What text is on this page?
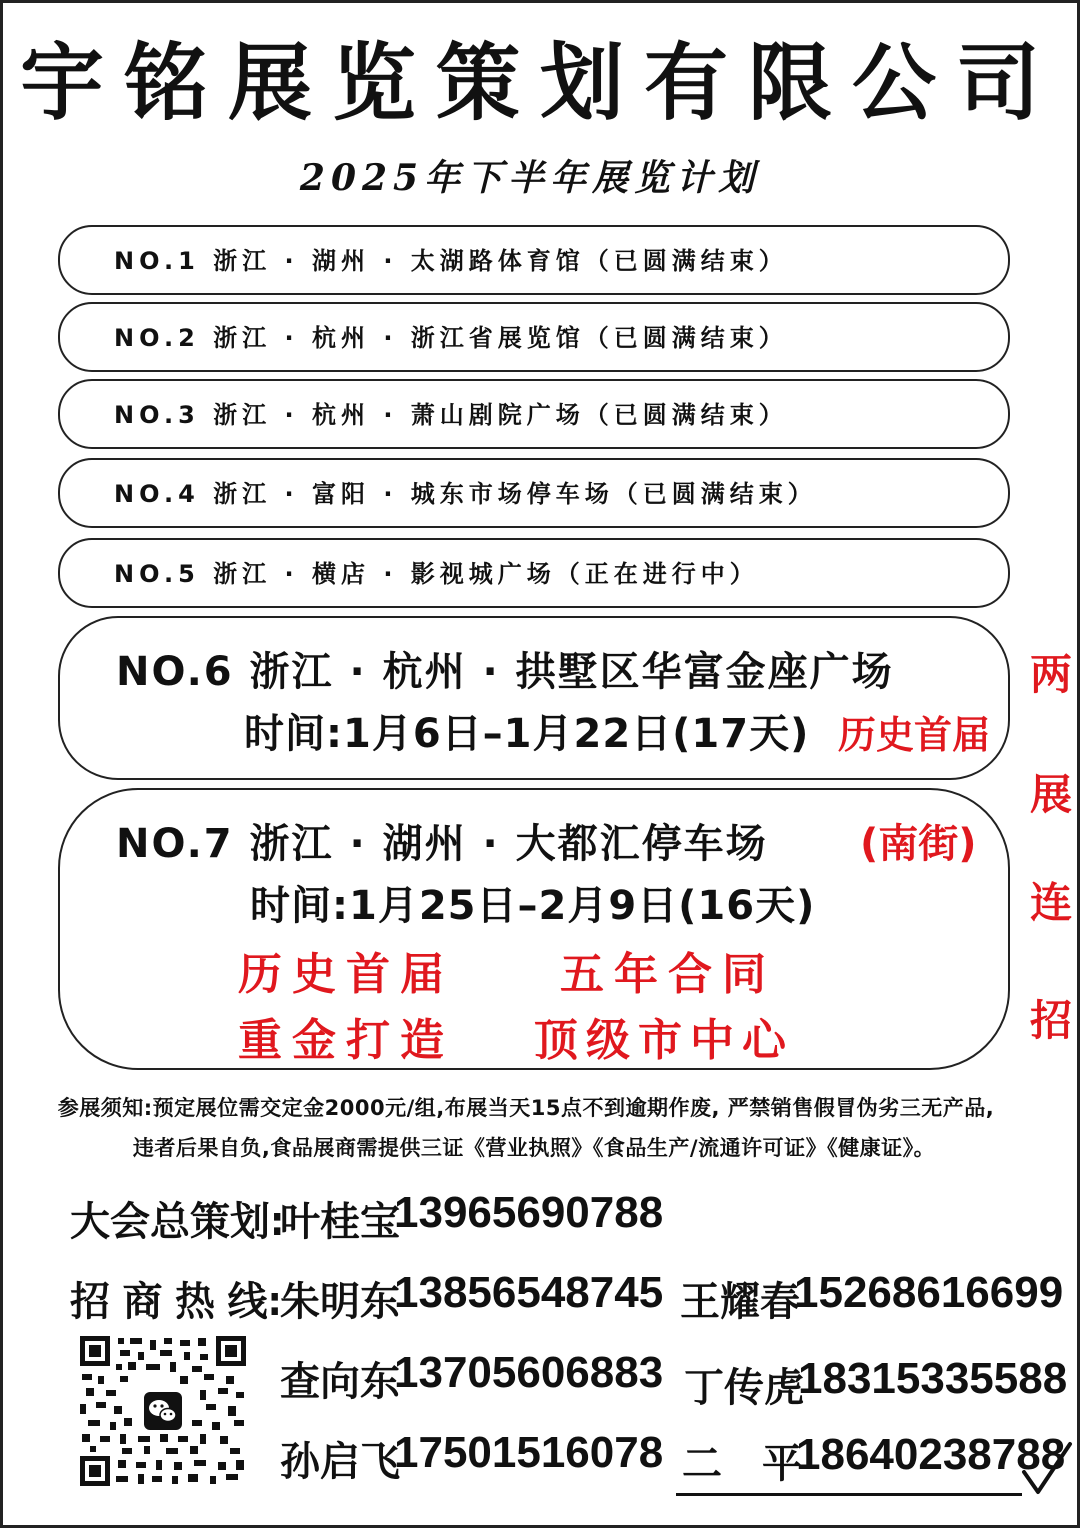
宇铭展览策划有限公司
2025年下半年展览计划
NO.1 浙江 · 湖州 · 太湖路体育馆（已圆满结束）
NO.2 浙江 · 杭州 · 浙江省展览馆（已圆满结束）
NO.3 浙江 · 杭州 · 萧山剧院广场（已圆满结束）
NO.4 浙江 · 富阳 · 城东市场停车场（已圆满结束）
NO.5 浙江 · 横店 · 影视城广场（正在进行中）
NO.6 浙江 · 杭州 · 拱墅区华富金座广场
时间:1月6日–1月22日(17天) 历史首届
NO.7 浙江 · 湖州 · 大都汇停车场 (南街)
时间:1月25日–2月9日(16天)
历史首届 五年合同
重金打造 顶级市中心
两
展
连
招
参展须知:预定展位需交定金2000元/组,布展当天15点不到逾期作废, 严禁销售假冒伪劣三无产品,
违者后果自负,食品展商需提供三证《营业执照》《食品生产/流通许可证》《健康证》。
大会总策划:
叶桂宝
13965690788
招 商 热 线:
朱明东
13856548745 王耀春
15268616699
查向东
13705606883 丁传虎
18315335588
孙启飞
17501516078 二　平
18640238788
